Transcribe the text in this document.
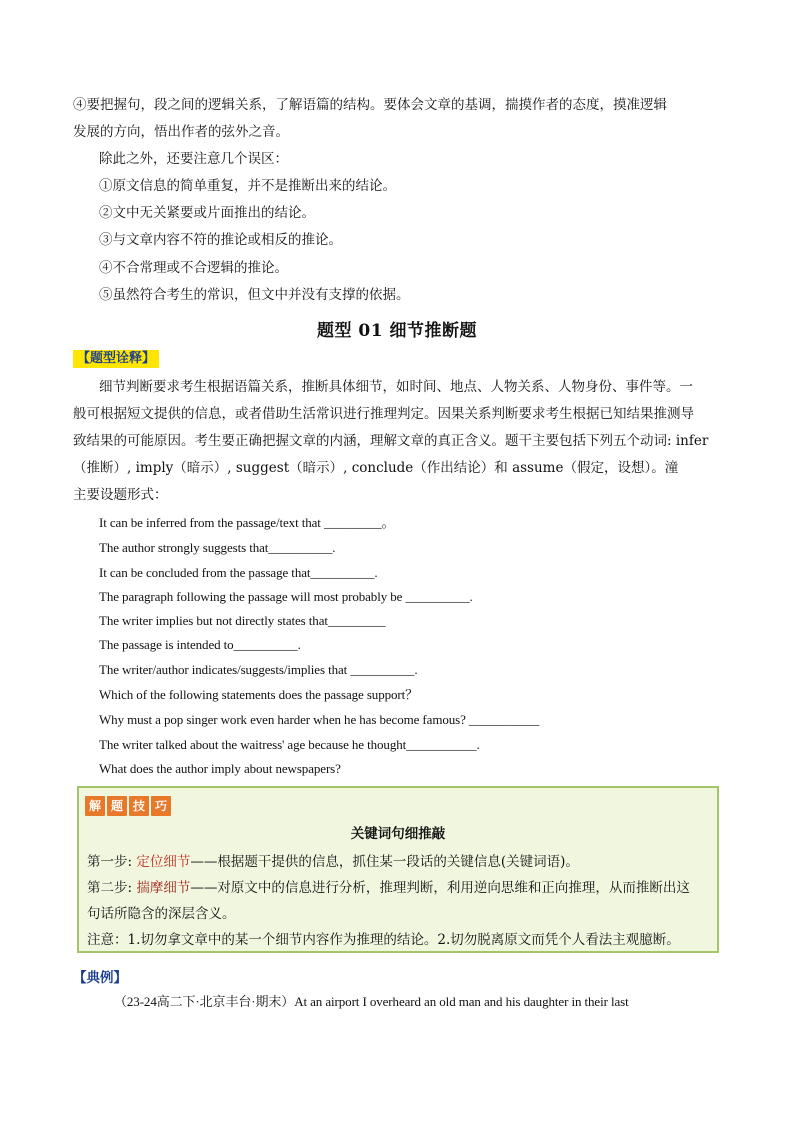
④要把握句，段之间的逻辑关系，了解语篇的结构。要体会文章的基调，揣摸作者的态度，摸准逻辑
发展的方向，悟出作者的弦外之音。
除此之外，还要注意几个误区：
①原文信息的简单重复，并不是推断出来的结论。
②文中无关紧要或片面推出的结论。
③与文章内容不符的推论或相反的推论。
④不合常理或不合逻辑的推论。
⑤虽然符合考生的常识，但文中并没有支撑的依据。
题型 01 细节推断题
【题型诠释】
细节判断要求考生根据语篇关系，推断具体细节，如时间、地点、人物关系、人物身份、事件等。一
般可根据短文提供的信息，或者借助生活常识进行推理判定。因果关系判断要求考生根据已知结果推测导
致结果的可能原因。考生要正确把握文章的内涵，理解文章的真正含义。题干主要包括下列五个动词: infer
（推断）, imply（暗示）, suggest（暗示）, conclude（作出结论）和 assume（假定，设想）。潼
主要设题形式：
It can be inferred from the passage/text that _________。
The author strongly suggests that__________.
It can be concluded from the passage that__________.
The paragraph following the passage will most probably be __________.
The writer implies but not directly states that_________
The passage is intended to__________.
The writer/author indicates/suggests/implies that __________.
Which of the following statements does the passage support？
Why must a pop singer work even harder when he has become famous? ___________
The writer talked about the waitress' age because he thought___________.
What does the author imply about newspapers?
解 题 技 巧
关键词句细推敲
第一步: 定位细节——根据题干提供的信息，抓住某一段话的关键信息(关键词语)。
第二步: 揣摩细节——对原文中的信息进行分析，推理判断，利用逆向思维和正向推理，从而推断出这
句话所隐含的深层含义。
注意：1.切勿拿文章中的某一个细节内容作为推理的结论。2.切勿脱离原文而凭个人看法主观臆断。
【典例】
（23-24高二下·北京丰台·期末）At an airport I overheard an old man and his daughter in their last
